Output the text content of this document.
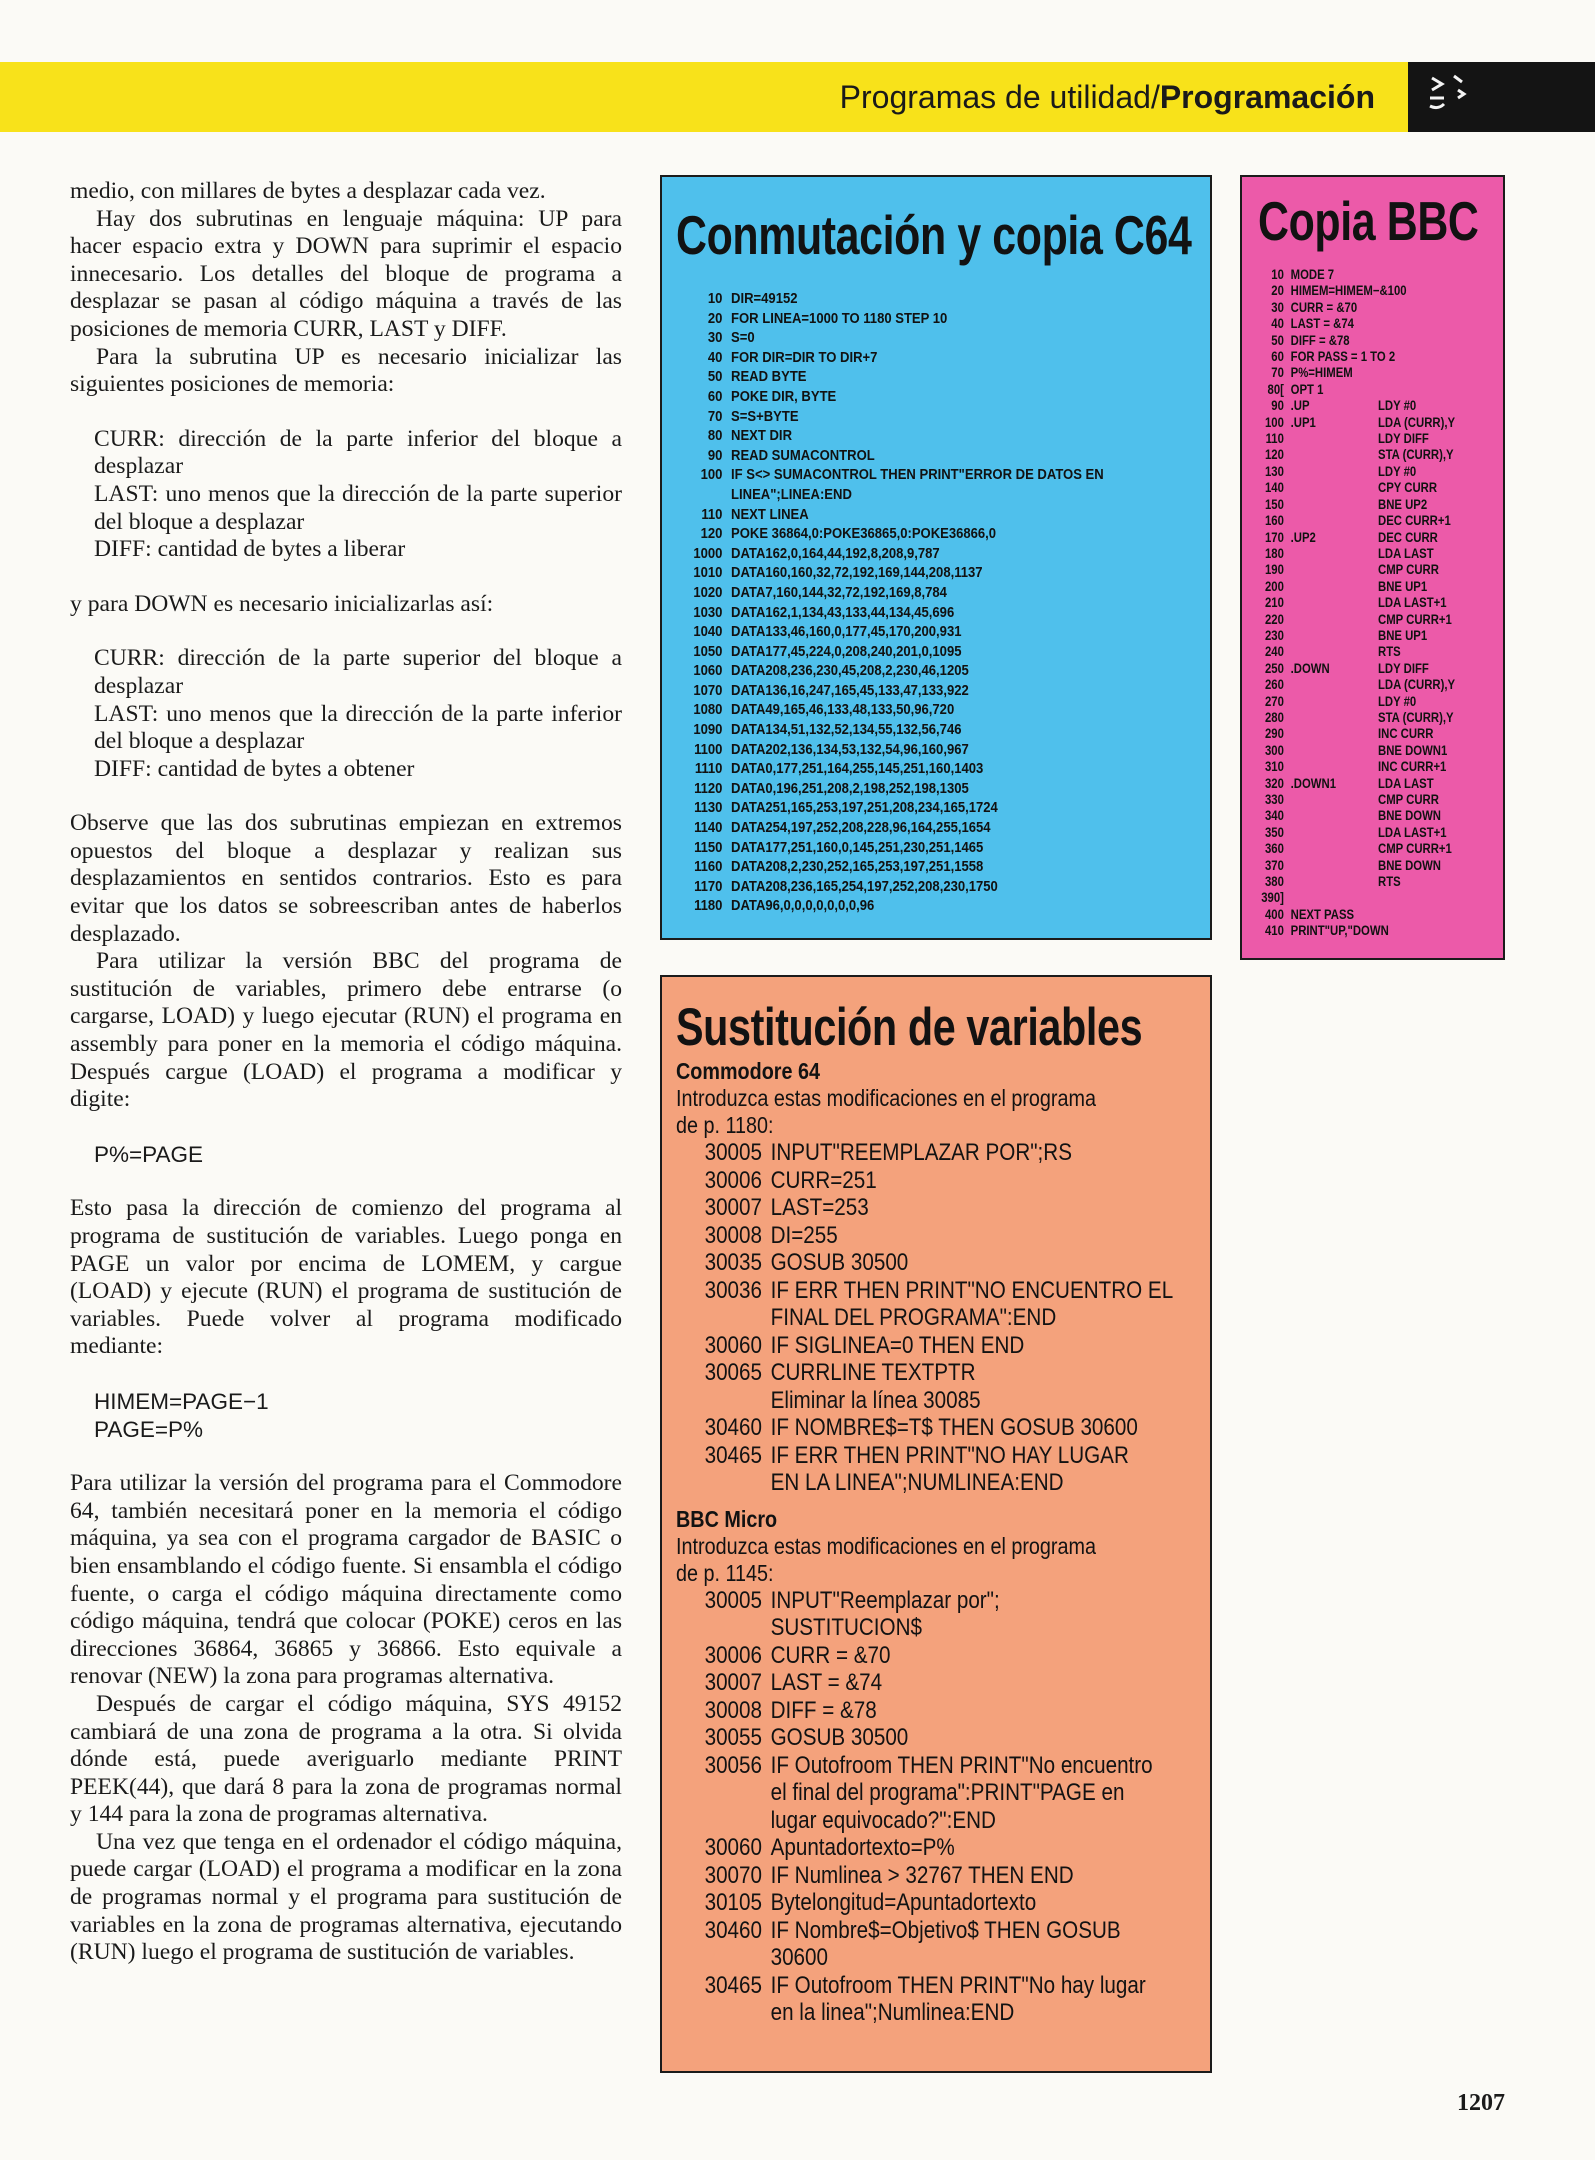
Programas de utilidad/Programación

medio, con millares de bytes a desplazar cada vez.

Hay dos subrutinas en lenguaje máquina: UP para hacer espacio extra y DOWN para suprimir el espacio innecesario. Los detalles del bloque de programa a desplazar se pasan al código máquina a través de las posiciones de memoria CURR, LAST y DIFF.

Para la subrutina UP es necesario inicializar las siguientes posiciones de memoria:

CURR: dirección de la parte inferior del bloque a desplazar

LAST: uno menos que la dirección de la parte superior del bloque a desplazar

DIFF: cantidad de bytes a liberar

y para DOWN es necesario inicializarlas así:

CURR: dirección de la parte superior del bloque a desplazar

LAST: uno menos que la dirección de la parte inferior del bloque a desplazar

DIFF: cantidad de bytes a obtener

Observe que las dos subrutinas empiezan en extremos opuestos del bloque a desplazar y realizan sus desplazamientos en sentidos contrarios. Esto es para evitar que los datos se sobreescriban antes de haberlos desplazado.

Para utilizar la versión BBC del programa de sustitución de variables, primero debe entrarse (o cargarse, LOAD) y luego ejecutar (RUN) el programa en assembly para poner en la memoria el código máquina. Después cargue (LOAD) el programa a modificar y digite:

P%=PAGE

Esto pasa la dirección de comienzo del programa al programa de sustitución de variables. Luego ponga en PAGE un valor por encima de LOMEM, y cargue (LOAD) y ejecute (RUN) el programa de sustitución de variables. Puede volver al programa modificado mediante:

HIMEM=PAGE−1

PAGE=P%

Para utilizar la versión del programa para el Commodore 64, también necesitará poner en la memoria el código máquina, ya sea con el programa cargador de BASIC o bien ensamblando el código fuente. Si ensambla el código fuente, o carga el código máquina directamente como código máquina, tendrá que colocar (POKE) ceros en las direcciones 36864, 36865 y 36866. Esto equivale a renovar (NEW) la zona para programas alternativa.

Después de cargar el código máquina, SYS 49152 cambiará de una zona de programa a la otra. Si olvida dónde está, puede averiguarlo mediante PRINT PEEK(44), que dará 8 para la zona de programas normal y 144 para la zona de programas alternativa.

Una vez que tenga en el ordenador el código máquina, puede cargar (LOAD) el programa a modificar en la zona de programas normal y el programa para sustitución de variables en la zona de programas alternativa, ejecutando (RUN) luego el programa de sustitución de variables.

Conmutación y copia C64
10 DIR=49152
20 FOR LINEA=1000 TO 1180 STEP 10
30 S=0
40 FOR DIR=DIR TO DIR+7
50 READ BYTE
60 POKE DIR, BYTE
70 S=S+BYTE
80 NEXT DIR
90 READ SUMACONTROL
100 IF S<> SUMACONTROL THEN PRINT"ERROR DE DATOS EN
LINEA";LINEA:END
110 NEXT LINEA
120 POKE 36864,0:POKE36865,0:POKE36866,0
1000 DATA162,0,164,44,192,8,208,9,787
1010 DATA160,160,32,72,192,169,144,208,1137
1020 DATA7,160,144,32,72,192,169,8,784
1030 DATA162,1,134,43,133,44,134,45,696
1040 DATA133,46,160,0,177,45,170,200,931
1050 DATA177,45,224,0,208,240,201,0,1095
1060 DATA208,236,230,45,208,2,230,46,1205
1070 DATA136,16,247,165,45,133,47,133,922
1080 DATA49,165,46,133,48,133,50,96,720
1090 DATA134,51,132,52,134,55,132,56,746
1100 DATA202,136,134,53,132,54,96,160,967
1110 DATA0,177,251,164,255,145,251,160,1403
1120 DATA0,196,251,208,2,198,252,198,1305
1130 DATA251,165,253,197,251,208,234,165,1724
1140 DATA254,197,252,208,228,96,164,255,1654
1150 DATA177,251,160,0,145,251,230,251,1465
1160 DATA208,2,230,252,165,253,197,251,1558
1170 DATA208,236,165,254,197,252,208,230,1750
1180 DATA96,0,0,0,0,0,0,0,96
Copia BBC
10 MODE 7
20 HIMEM=HIMEM−&100
30 CURR = &70
40 LAST = &74
50 DIFF = &78
60 FOR PASS = 1 TO 2
70 P%=HIMEM
80[ OPT 1
90 .UP	LDY #0
100 .UP1	LDA (CURR),Y
110	LDY DIFF
120	STA (CURR),Y
130	LDY #0
140	CPY CURR
150	BNE UP2
160	DEC CURR+1
170 .UP2	DEC CURR
180	LDA LAST
190	CMP CURR
200	BNE UP1
210	LDA LAST+1
220	CMP CURR+1
230	BNE UP1
240	RTS
250 .DOWN	LDY DIFF
260	LDA (CURR),Y
270	LDY #0
280	STA (CURR),Y
290	INC CURR
300	BNE DOWN1
310	INC CURR+1
320 .DOWN1	LDA LAST
330	CMP CURR
340	BNE DOWN
350	LDA LAST+1
360	CMP CURR+1
370	BNE DOWN
380	RTS
390]
400 NEXT PASS
410 PRINT"UP,"DOWN
Sustitución de variables
Commodore 64
Introduzca estas modificaciones en el programa de p. 1180:
30005 INPUT"REEMPLAZAR POR";RS
30006 CURR=251
30007 LAST=253
30008 DI=255
30035 GOSUB 30500
30036 IF ERR THEN PRINT"NO ENCUENTRO EL
FINAL DEL PROGRAMA":END
30060 IF SIGLINEA=0 THEN END
30065 CURRLINE TEXTPTR
Eliminar la línea 30085
30460 IF NOMBRE$=T$ THEN GOSUB 30600
30465 IF ERR THEN PRINT"NO HAY LUGAR
EN LA LINEA";NUMLINEA:END
BBC Micro
Introduzca estas modificaciones en el programa de p. 1145:
30005 INPUT"Reemplazar por";
SUSTITUCION$
30006 CURR = &70
30007 LAST = &74
30008 DIFF = &78
30055 GOSUB 30500
30056 IF Outofroom THEN PRINT"No encuentro
el final del programa":PRINT"PAGE en
lugar equivocado?":END
30060 Apuntadortexto=P%
30070 IF Numlinea > 32767 THEN END
30105 Bytelongitud=Apuntadortexto
30460 IF Nombre$=Objetivo$ THEN GOSUB
30600
30465 IF Outofroom THEN PRINT"No hay lugar
en la linea";Numlinea:END
1207
